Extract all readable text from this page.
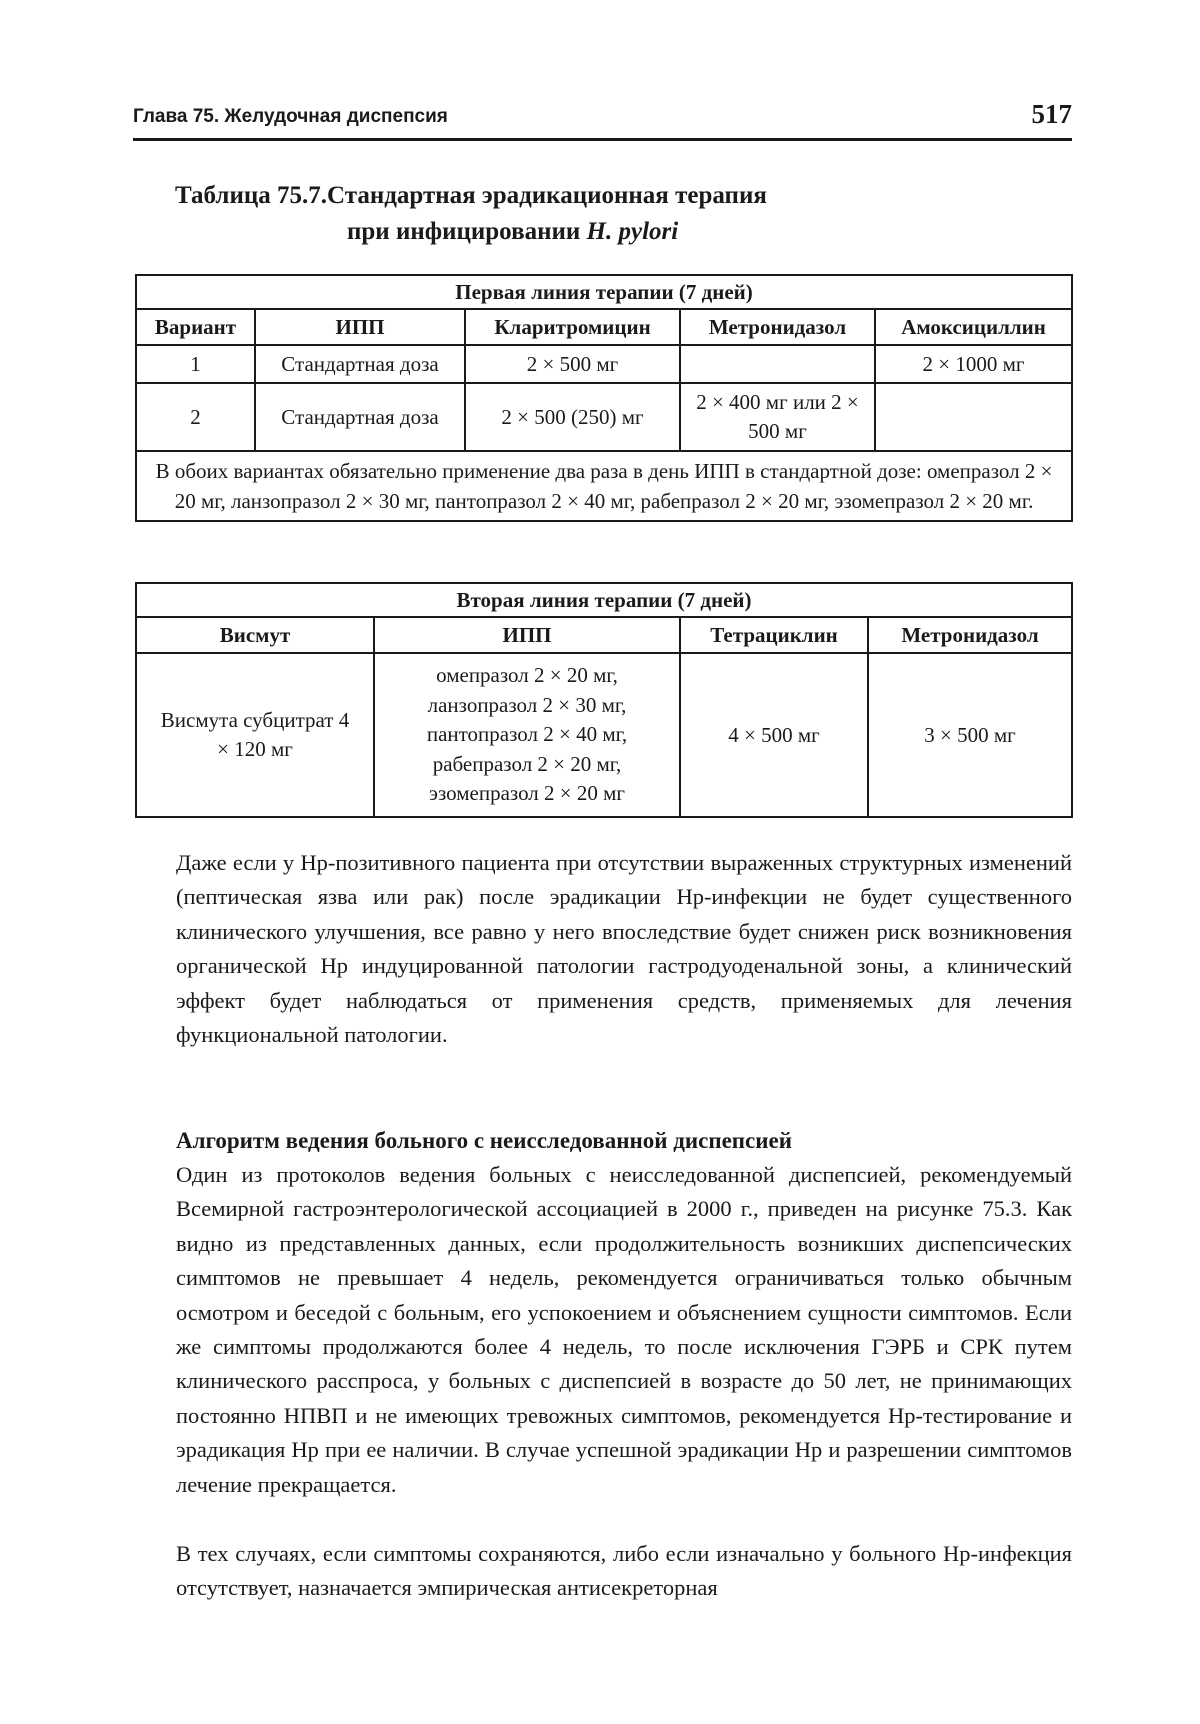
Глава 75. Желудочная диспепсия	517
Таблица 75.7.Стандартная эрадикационная терапия
при инфицировании H. pylori
Первая линия терапии (7 дней)				
Вариант	ИПП	Кларитромицин	Метронидазол	Амоксициллин
1	Стандартная доза	2 × 500 мг		2 × 1000 мг
2	Стандартная доза	2 × 500 (250) мг	2 × 400 мг или 2 × 500 мг	
В обоих вариантах обязательно применение два раза в день ИПП в стандартной дозе: омепразол 2 × 20 мг, ланзопразол 2 × 30 мг, пантопразол 2 × 40 мг, рабепразол 2 × 20 мг, эзомепразол 2 × 20 мг.				
Вторая линия терапии (7 дней)			
Висмут	ИПП	Тетрациклин	Метронидазол
Висмута субцитрат 4 × 120 мг	омепразол 2 × 20 мг,
ланзопразол 2 × 30 мг,
пантопразол 2 × 40 мг,
рабепразол 2 × 20 мг,
эзомепразол 2 × 20 мг	4 × 500 мг	3 × 500 мг

Даже если у Hp-позитивного пациента при отсутствии выраженных структурных изменений (пептическая язва или рак) после эрадикации Hp-инфекции не будет существенного клинического улучшения, все равно у него впоследствие будет снижен риск возникновения органической Hp индуцированной патологии гастродуоденальной зоны, а клинический эффект будет наблюдаться от применения средств, применяемых для лечения функциональной патологии.

Алгоритм ведения больного с неисследованной диспепсией

Один из протоколов ведения больных с неисследованной диспепсией, рекомендуемый Всемирной гастроэнтерологической ассоциацией в 2000 г., приведен на рисунке 75.3. Как видно из представленных данных, если продолжительность возникших диспепсических симптомов не превышает 4 недель, рекомендуется ограничиваться только обычным осмотром и беседой с больным, его успокоением и объяснением сущности симптомов. Если же симптомы продолжаются более 4 недель, то после исключения ГЭРБ и СРК путем клинического расспроса, у больных с диспепсией в возрасте до 50 лет, не принимающих постоянно НПВП и не имеющих тревожных симптомов, рекомендуется Hp-тестирование и эрадикация Hp при ее наличии. В случае успешной эрадикации Hp и разрешении симптомов лечение прекращается.

В тех случаях, если симптомы сохраняются, либо если изначально у больного Hp-инфекция отсутствует, назначается эмпирическая антисекреторная
